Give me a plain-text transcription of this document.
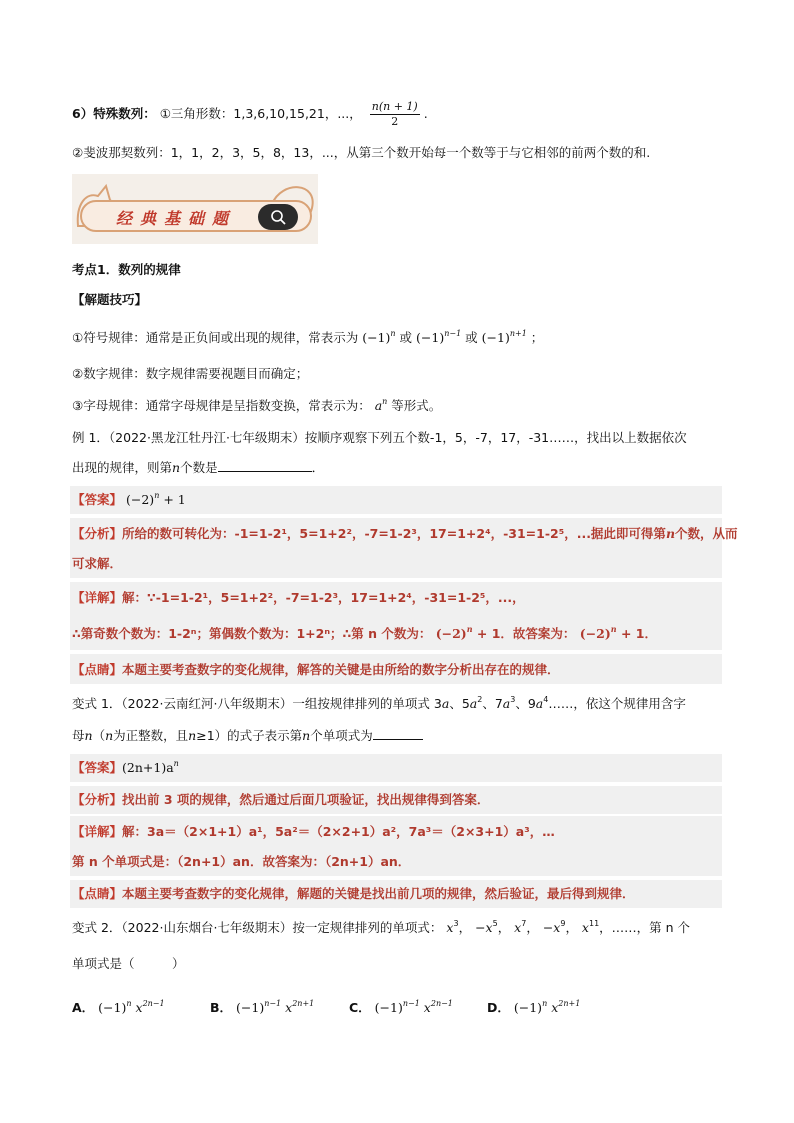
6）特殊数列： ①三角形数：1,3,6,10,15,21，...， $\frac{n(n + 1)}{2}$ .
②斐波那契数列：1，1，2，3，5，8，13，...，从第三个数开始每一个数等于与它相邻的前两个数的和.
经典基础题
考点1．数列的规律
【解题技巧】
①符号规律：通常是正负间或出现的规律，常表示为 $(-1)^n$ 或 $(-1)^{n-1}$ 或 $(-1)^{n+1}$ ；
②数字规律：数字规律需要视题目而确定；
③字母规律：通常字母规律是呈指数变换，常表示为： $a^n$ 等形式。
例 1．（2022·黑龙江牡丹江·七年级期末）按顺序观察下列五个数-1，5，-7，17，-31……，找出以上数据依次
出现的规律，则第n个数是	．
【答案】 $(-2)^n + 1$
【分析】所给的数可转化为：-1=1-2¹，5=1+2²，-7=1-2³，17=1+2⁴，-31=1-2⁵，...据此即可得第n个数，从而
可求解．
【详解】解：∵-1=1-2¹，5=1+2²，-7=1-2³，17=1+2⁴，-31=1-2⁵，...，
∴第奇数个数为：1-2ⁿ；第偶数个数为：1+2ⁿ；∴第 n 个数为： $(-2)^n + 1$．故答案为： $(-2)^n + 1$．
【点睛】本题主要考查数字的变化规律，解答的关键是由所给的数字分析出存在的规律．
变式 1．（2022·云南红河·八年级期末）一组按规律排列的单项式 3a、$5a^2$、$7a^3$、$9a^4\dots\dots$，依这个规律用含字
母n（n为正整数，且n≥1）的式子表示第n个单项式为
【答案】$(2n+1)a^n$
【分析】找出前 3 项的规律，然后通过后面几项验证，找出规律得到答案．
【详解】解：3a＝（2×1+1）a¹，5a²＝（2×2+1）a²，7a³＝（2×3+1）a³，…
第 n 个单项式是：（2n+1）an．故答案为：（2n+1）an．
【点睛】本题主要考查数字的变化规律，解题的关键是找出前几项的规律，然后验证，最后得到规律．
变式 2．（2022·山东烟台·七年级期末）按一定规律排列的单项式： $x^3$， $-x^5$， $x^7$， $-x^9$， $x^{11}$，……，第 n 个
单项式是（　　　）
A． $(-1)^n$ $x^{2n-1}$	B． $(-1)^{n-1}$ $x^{2n+1}$	C． $(-1)^{n-1}$ $x^{2n-1}$	D． $(-1)^n$ $x^{2n+1}$
